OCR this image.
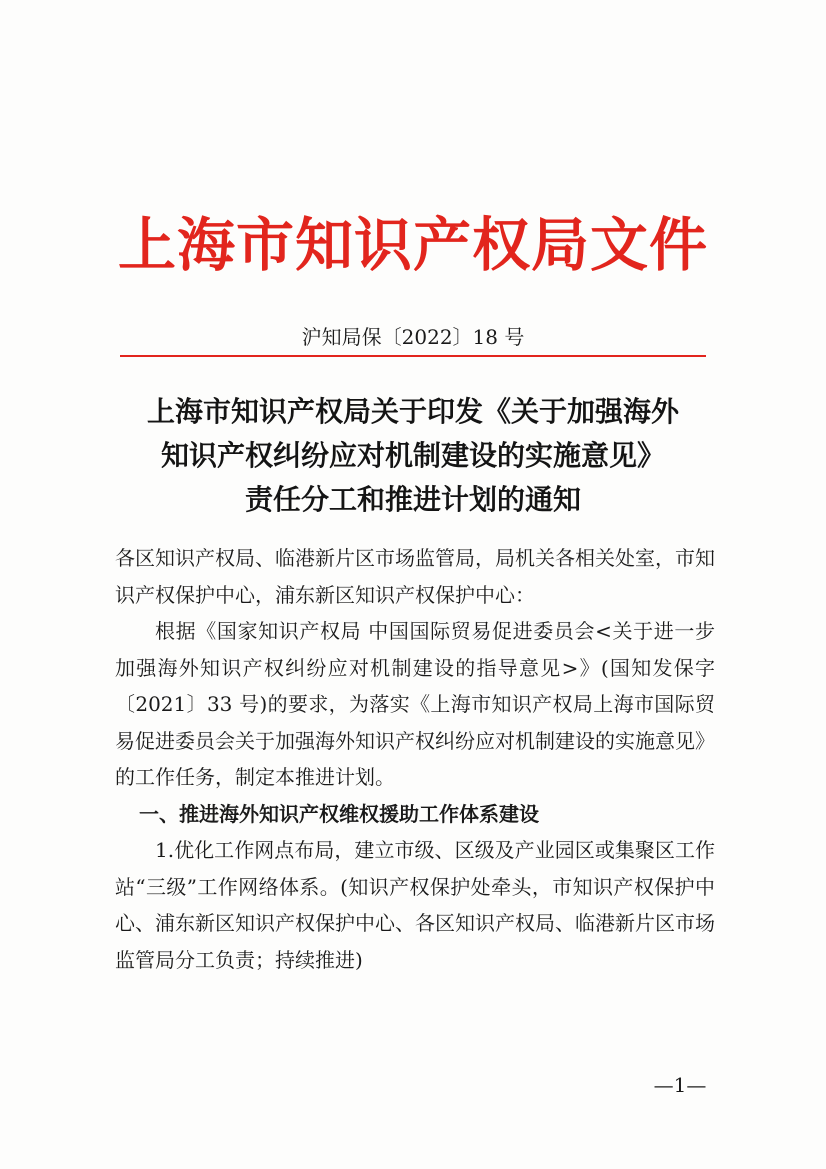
上海市知识产权局文件
沪知局保〔2022〕18 号
上海市知识产权局关于印发《关于加强海外
知识产权纠纷应对机制建设的实施意见》
责任分工和推进计划的通知

各区知识产权局、临港新片区市场监管局，局机关各相关处室，市知识产权保护中心，浦东新区知识产权保护中心：

根据《国家知识产权局 中国国际贸易促进委员会<关于进一步加强海外知识产权纠纷应对机制建设的指导意见>》(国知发保字〔2021〕33 号)的要求，为落实《上海市知识产权局上海市国际贸易促进委员会关于加强海外知识产权纠纷应对机制建设的实施意见》的工作任务，制定本推进计划。

一、推进海外知识产权维权援助工作体系建设

1.优化工作网点布局，建立市级、区级及产业园区或集聚区工作站“三级”工作网络体系。(知识产权保护处牵头，市知识产权保护中心、浦东新区知识产权保护中心、各区知识产权局、临港新片区市场监管局分工负责；持续推进)

—1—
